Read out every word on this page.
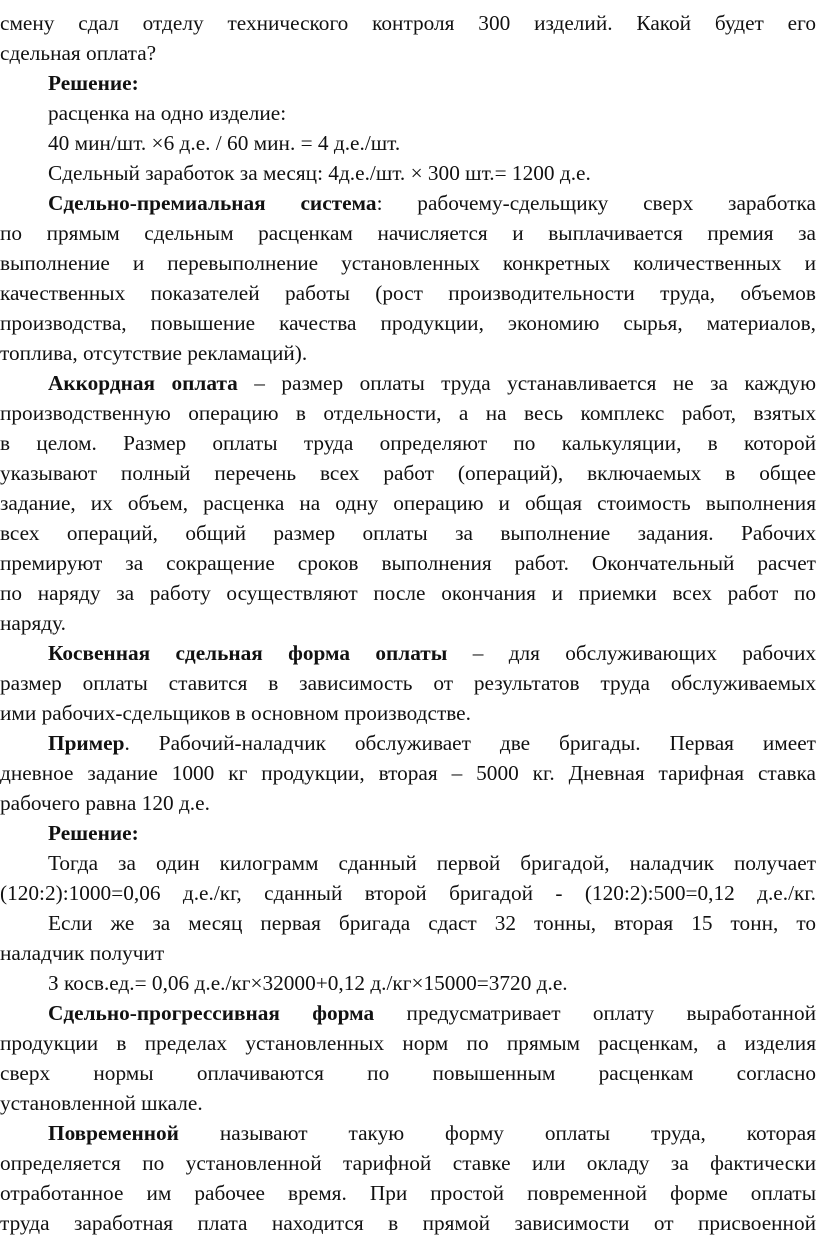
смену сдал отделу технического контроля 300 изделий. Какой будет его
сдельная оплата?
Решение:
расценка на одно изделие:
40 мин/шт. ×6 д.е. / 60 мин. = 4 д.е./шт.
Сдельный заработок за месяц: 4д.е./шт. × 300 шт.= 1200 д.е.
Сдельно-премиальная система: рабочему-сдельщику сверх заработка
по прямым сдельным расценкам начисляется и выплачивается премия за
выполнение и перевыполнение установленных конкретных количественных и
качественных показателей работы (рост производительности труда, объемов
производства, повышение качества продукции, экономию сырья, материалов,
топлива, отсутствие рекламаций).
Аккордная оплата – размер оплаты труда устанавливается не за каждую
производственную операцию в отдельности, а на весь комплекс работ, взятых
в целом. Размер оплаты труда определяют по калькуляции, в которой
указывают полный перечень всех работ (операций), включаемых в общее
задание, их объем, расценка на одну операцию и общая стоимость выполнения
всех операций, общий размер оплаты за выполнение задания. Рабочих
премируют за сокращение сроков выполнения работ. Окончательный расчет
по наряду за работу осуществляют после окончания и приемки всех работ по
наряду.
Косвенная сдельная форма оплаты – для обслуживающих рабочих
размер оплаты ставится в зависимость от результатов труда обслуживаемых
ими рабочих-сдельщиков в основном производстве.
Пример. Рабочий-наладчик обслуживает две бригады. Первая имеет
дневное задание 1000 кг продукции, вторая – 5000 кг. Дневная тарифная ставка
рабочего равна 120 д.е.
Решение:
Тогда за один килограмм сданный первой бригадой, наладчик получает
(120:2):1000=0,06 д.е./кг, сданный второй бригадой - (120:2):500=0,12 д.е./кг.
Если же за месяц первая бригада сдаст 32 тонны, вторая 15 тонн, то
наладчик получит
З косв.ед.= 0,06 д.е./кг×32000+0,12 д./кг×15000=3720 д.е.
Сдельно-прогрессивная форма предусматривает оплату выработанной
продукции в пределах установленных норм по прямым расценкам, а изделия
сверх нормы оплачиваются по повышенным расценкам согласно
установленной шкале.
Повременной называют такую форму оплаты труда, которая
определяется по установленной тарифной ставке или окладу за фактически
отработанное им рабочее время. При простой повременной форме оплаты
труда заработная плата находится в прямой зависимости от присвоенной
